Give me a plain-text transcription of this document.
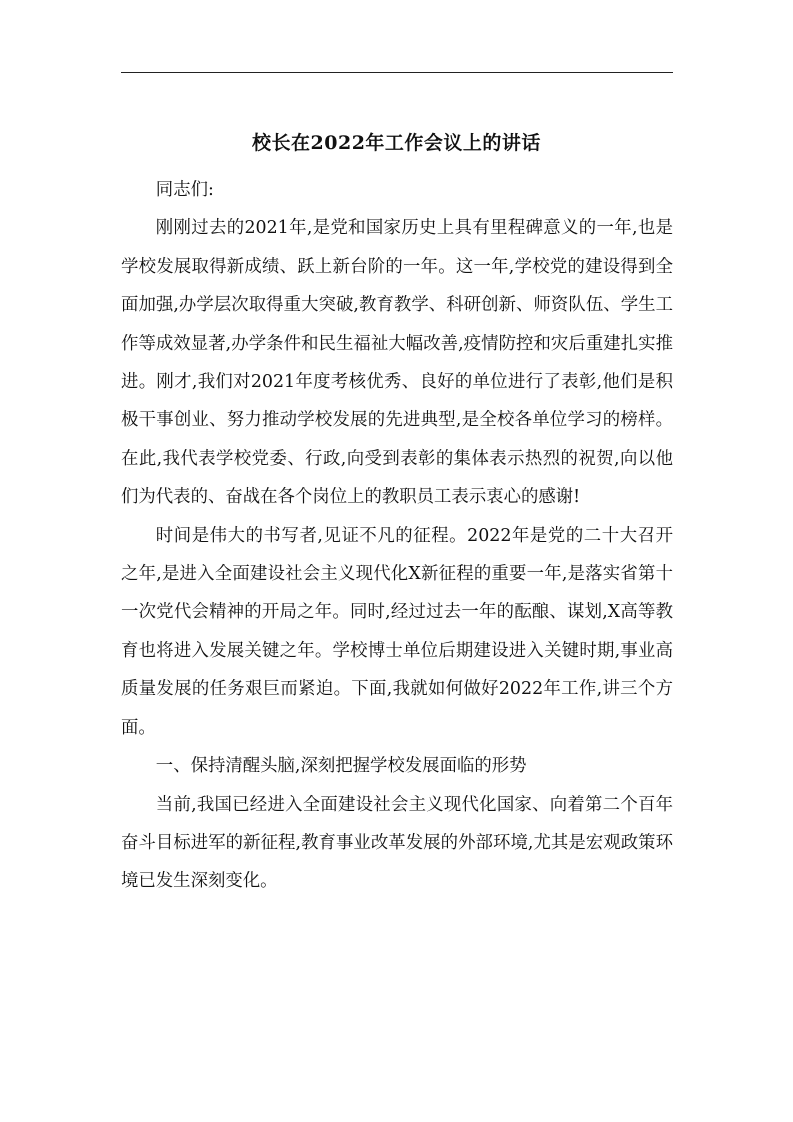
校长在2022年工作会议上的讲话

同志们:

刚刚过去的2021年,是党和国家历史上具有里程碑意义的一年,也是学校发展取得新成绩、跃上新台阶的一年。这一年,学校党的建设得到全面加强,办学层次取得重大突破,教育教学、科研创新、师资队伍、学生工作等成效显著,办学条件和民生福祉大幅改善,疫情防控和灾后重建扎实推进。刚才,我们对2021年度考核优秀、良好的单位进行了表彰,他们是积极干事创业、努力推动学校发展的先进典型,是全校各单位学习的榜样。在此,我代表学校党委、行政,向受到表彰的集体表示热烈的祝贺,向以他们为代表的、奋战在各个岗位上的教职员工表示衷心的感谢!

时间是伟大的书写者,见证不凡的征程。2022年是党的二十大召开之年,是进入全面建设社会主义现代化X新征程的重要一年,是落实省第十一次党代会精神的开局之年。同时,经过过去一年的酝酿、谋划,X高等教育也将进入发展关键之年。学校博士单位后期建设进入关键时期,事业高质量发展的任务艰巨而紧迫。下面,我就如何做好2022年工作,讲三个方面。

一、保持清醒头脑,深刻把握学校发展面临的形势

当前,我国已经进入全面建设社会主义现代化国家、向着第二个百年奋斗目标进军的新征程,教育事业改革发展的外部环境,尤其是宏观政策环境已发生深刻变化。
